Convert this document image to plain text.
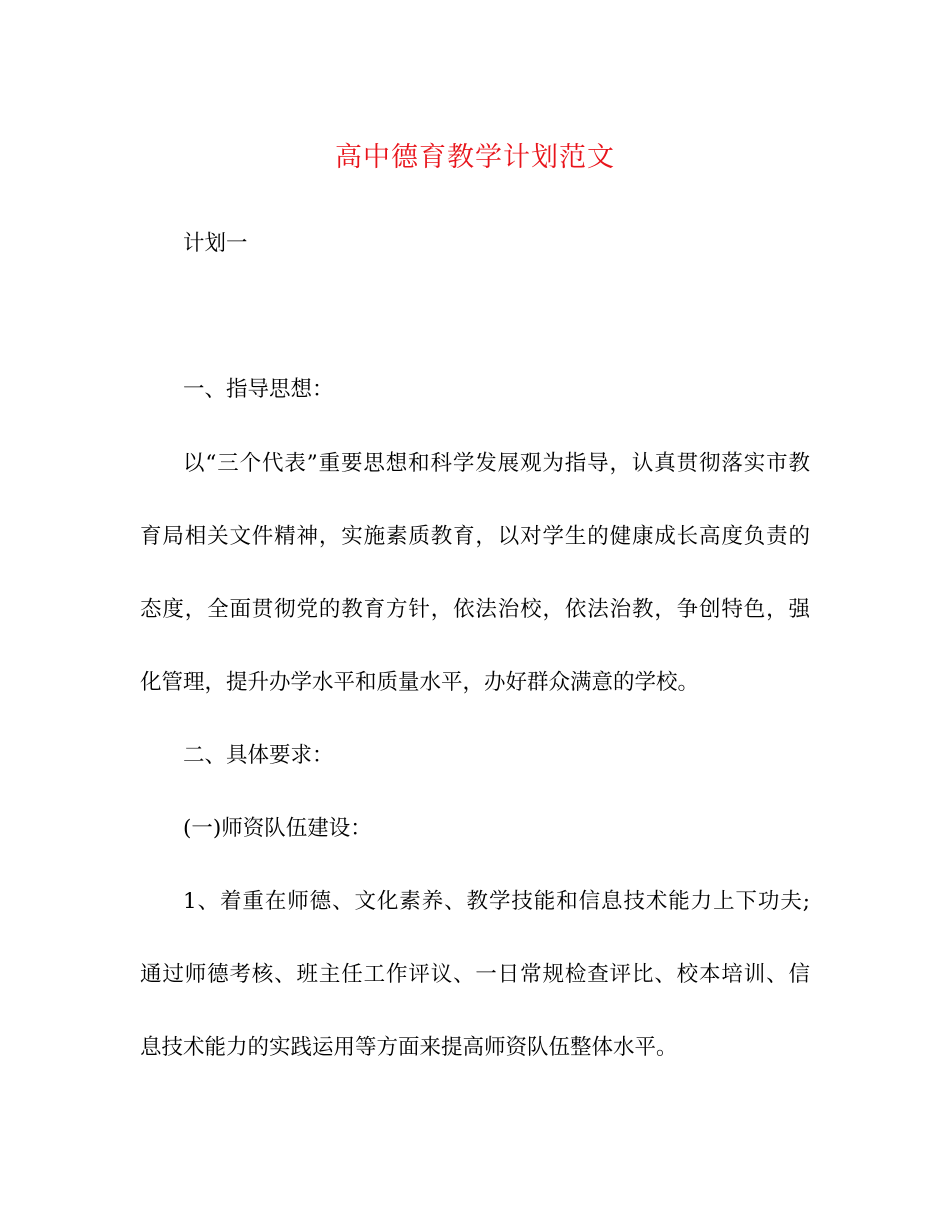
高中德育教学计划范文
计划一
一、指导思想：
以“三个代表”重要思想和科学发展观为指导，认真贯彻落实市教
育局相关文件精神，实施素质教育，以对学生的健康成长高度负责的
态度，全面贯彻党的教育方针，依法治校，依法治教，争创特色，强
化管理，提升办学水平和质量水平，办好群众满意的学校。
二、具体要求：
(一)师资队伍建设：
1、着重在师德、文化素养、教学技能和信息技术能力上下功夫;
通过师德考核、班主任工作评议、一日常规检查评比、校本培训、信
息技术能力的实践运用等方面来提高师资队伍整体水平。
